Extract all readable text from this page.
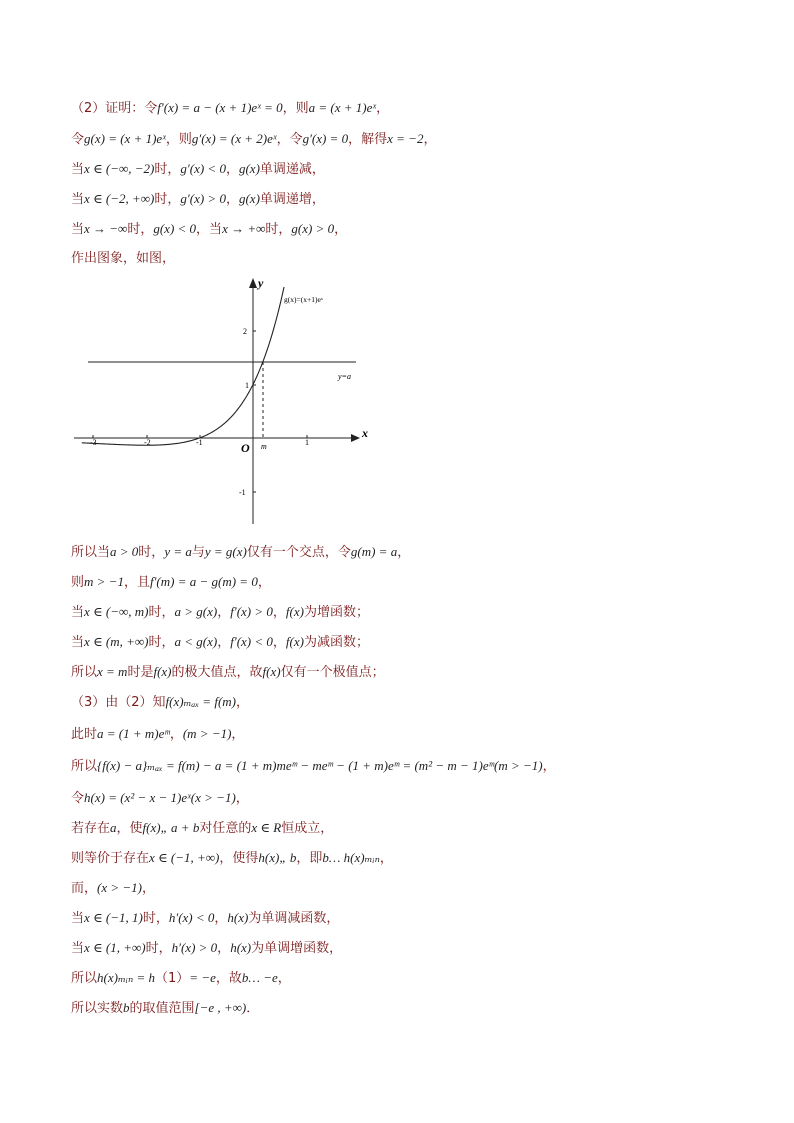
（2）证明：令f′(x) = a − (x + 1)eˣ = 0，则a = (x + 1)eˣ，
令g(x) = (x + 1)eˣ，则g′(x) = (x + 2)eˣ，令g′(x) = 0，解得x = −2，
当x ∈ (−∞, −2)时，g′(x) < 0，g(x)单调递减，
当x ∈ (−2, +∞)时，g′(x) > 0，g(x)单调递增，
当x → −∞时，g(x) < 0，当x → +∞时，g(x) > 0，
作出图象，如图，
-3	-2	-1	1
2
1
-1
O m
x
y
g(x)=(x+1)eˣ
y=a
所以当a > 0时，y = a与y = g(x)仅有一个交点，令g(m) = a，
则m > −1，且f′(m) = a − g(m) = 0，
当x ∈ (−∞, m)时，a > g(x)，f′(x) > 0，f(x)为增函数；
当x ∈ (m, +∞)时，a < g(x)，f′(x) < 0，f(x)为减函数；
所以x = m时是f(x)的极大值点，故f(x)仅有一个极值点；
（3）由（2）知f(x)ₘₐₓ = f(m)，
此时a = (1 + m)eᵐ，(m > −1)，
所以{f(x) − a}ₘₐₓ = f(m) − a = (1 + m)meᵐ − meᵐ − (1 + m)eᵐ = (m² − m − 1)eᵐ(m > −1)，
令h(x) = (x² − x − 1)eˣ(x > −1)，
若存在a，使f(x)„ a + b对任意的x ∈ R恒成立，
则等价于存在x ∈ (−1, +∞)，使得h(x)„ b，即b… h(x)ₘᵢₙ，
而，(x > −1)，
当x ∈ (−1, 1)时，h′(x) < 0，h(x)为单调减函数，
当x ∈ (1, +∞)时，h′(x) > 0，h(x)为单调增函数，
所以h(x)ₘᵢₙ = h（1）= −e，故b… −e，
所以实数b的取值范围[−e , +∞)．
